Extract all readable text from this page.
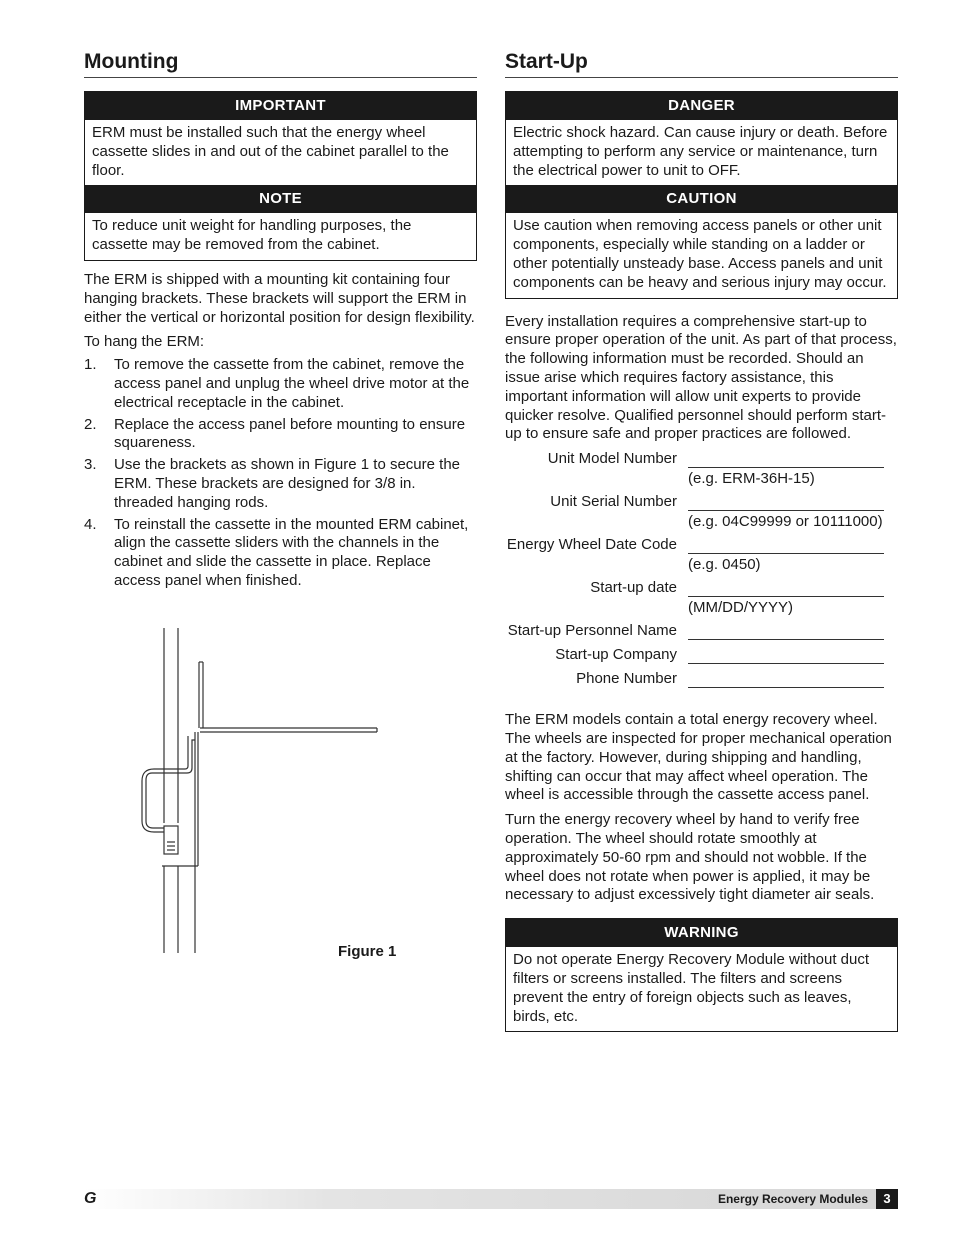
Mounting
IMPORTANT
ERM must be installed such that the energy wheel cassette slides in and out of the cabinet parallel to the floor.
NOTE
To reduce unit weight for handling purposes, the cassette may be removed from the cabinet.

The ERM is shipped with a mounting kit containing four hanging brackets. These brackets will support the ERM in either the vertical or horizontal position for design flexibility.

To hang the ERM:

1.	To remove the cassette from the cabinet, remove the access panel and unplug the wheel drive motor at the electrical receptacle in the cabinet.
2.	Replace the access panel before mounting to ensure squareness.
3.	Use the brackets as shown in Figure 1 to secure the ERM. These brackets are designed for 3/8 in. threaded hanging rods.
4.	To reinstall the cassette in the mounted ERM cabinet, align the cassette sliders with the channels in the cabinet and slide the cassette in place. Replace access panel when finished.
Figure 1
Start-Up
DANGER
Electric shock hazard. Can cause injury or death. Before attempting to perform any service or maintenance, turn the electrical power to unit to OFF.
CAUTION
Use caution when removing access panels or other unit components, especially while standing on a ladder or other potentially unsteady base. Access panels and unit components can be heavy and serious injury may occur.

Every installation requires a comprehensive start-up to ensure proper operation of the unit. As part of that process, the following information must be recorded. Should an issue arise which requires factory assistance, this important information will allow unit experts to provide quicker resolve. Qualified personnel should perform start-up to ensure safe and proper practices are followed.

Unit Model Number
(e.g. ERM-36H-15)
Unit Serial Number
(e.g. 04C99999 or 10111000)
Energy Wheel Date Code
(e.g. 0450)
Start-up date
(MM/DD/YYYY)
Start-up Personnel Name
Start-up Company
Phone Number

The ERM models contain a total energy recovery wheel. The wheels are inspected for proper mechanical operation at the factory. However, during shipping and handling, shifting can occur that may affect wheel operation. The wheel is accessible through the cassette access panel.

Turn the energy recovery wheel by hand to verify free operation. The wheel should rotate smoothly at approximately 50-60 rpm and should not wobble. If the wheel does not rotate when power is applied, it may be necessary to adjust excessively tight diameter air seals.

WARNING
Do not operate Energy Recovery Module without duct filters or screens installed. The filters and screens prevent the entry of foreign objects such as leaves, birds, etc.
G	Energy Recovery Modules	3
